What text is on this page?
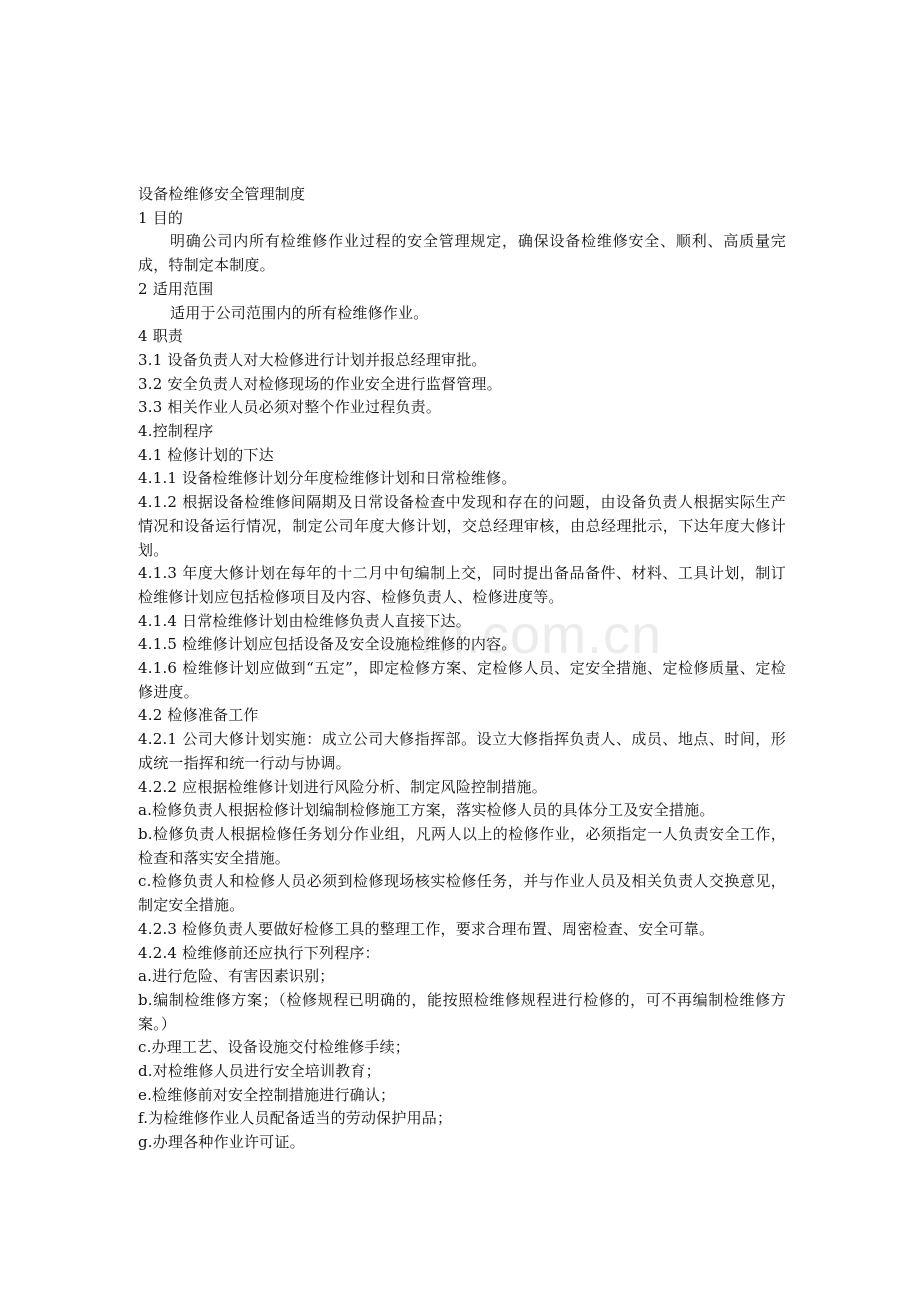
m.com.cn

设备检维修安全管理制度

1 目的

明确公司内所有检维修作业过程的安全管理规定，确保设备检维修安全、顺利、高质量完成，特制定本制度。

2 适用范围

适用于公司范围内的所有检维修作业。

4 职责

3.1 设备负责人对大检修进行计划并报总经理审批。

3.2 安全负责人对检修现场的作业安全进行监督管理。

3.3 相关作业人员必须对整个作业过程负责。

4.控制程序

4.1 检修计划的下达

4.1.1 设备检维修计划分年度检维修计划和日常检维修。

4.1.2 根据设备检维修间隔期及日常设备检查中发现和存在的问题，由设备负责人根据实际生产情况和设备运行情况，制定公司年度大修计划，交总经理审核，由总经理批示，下达年度大修计划。

4.1.3 年度大修计划在每年的十二月中旬编制上交，同时提出备品备件、材料、工具计划，制订检维修计划应包括检修项目及内容、检修负责人、检修进度等。

4.1.4 日常检维修计划由检维修负责人直接下达。

4.1.5 检维修计划应包括设备及安全设施检维修的内容。

4.1.6 检维修计划应做到“五定”，即定检修方案、定检修人员、定安全措施、定检修质量、定检修进度。

4.2 检修准备工作

4.2.1 公司大修计划实施：成立公司大修指挥部。设立大修指挥负责人、成员、地点、时间，形成统一指挥和统一行动与协调。

4.2.2 应根据检维修计划进行风险分析、制定风险控制措施。

a.检修负责人根据检修计划编制检修施工方案，落实检修人员的具体分工及安全措施。

b.检修负责人根据检修任务划分作业组，凡两人以上的检修作业，必须指定一人负责安全工作，检查和落实安全措施。

c.检修负责人和检修人员必须到检修现场核实检修任务，并与作业人员及相关负责人交换意见，制定安全措施。

4.2.3 检修负责人要做好检修工具的整理工作，要求合理布置、周密检查、安全可靠。

4.2.4 检维修前还应执行下列程序：

a.进行危险、有害因素识别；

b.编制检维修方案；（检修规程已明确的，能按照检维修规程进行检修的，可不再编制检维修方案。）

c.办理工艺、设备设施交付检维修手续；

d.对检维修人员进行安全培训教育；

e.检维修前对安全控制措施进行确认；

f.为检维修作业人员配备适当的劳动保护用品；

g.办理各种作业许可证。
